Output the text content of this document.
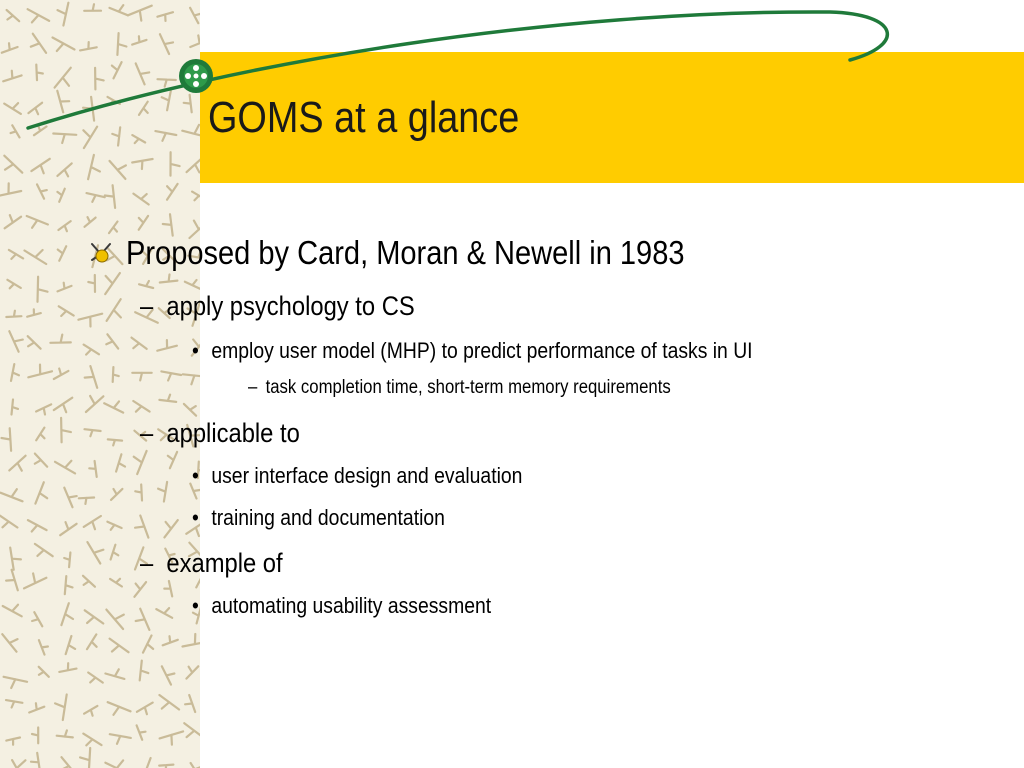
GOMS at a glance
Proposed by Card, Moran & Newell in 1983
– apply psychology to CS
• employ user model (MHP) to predict performance of tasks in UI
– task completion time, short-term memory requirements
– applicable to
• user interface design and evaluation
• training and documentation
– example of
• automating usability assessment
